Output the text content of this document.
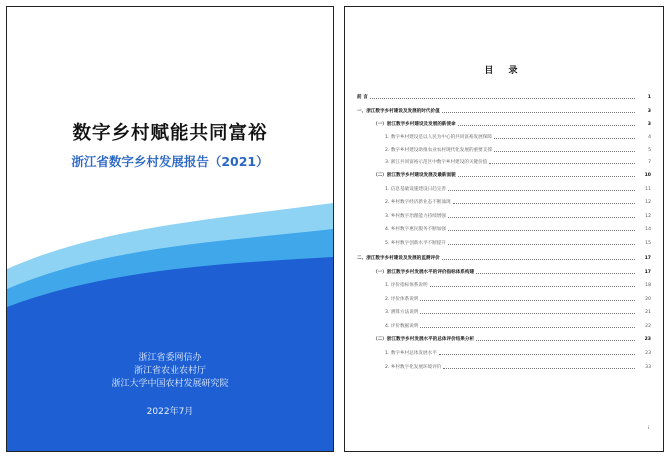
数字乡村赋能共同富裕
浙江省数字乡村发展报告（2021）
浙江省委网信办
浙江省农业农村厅
浙江大学中国农村发展研究院
2022年7月
目 录
前 言	1
一、浙江数字乡村建设及发展的时代价值	3
（一）浙江数字乡村建设及发展的新使命	3
1. 数字乡村建设是以人民为中心的共同富裕发展保障	4
2. 数字乡村建设助推农业农村现代化发展的重要支撑	5
3. 浙江共同富裕示范区中数字乡村建设的关键价值	7
（二）浙江数字乡村建设发展及最新面貌	10
1. 信息基础设施建设日趋完善	11
2. 乡村数字经济新业态不断涌现	12
3. 乡村数字治理能力持续增强	12
4. 乡村数字惠民服务不断加强	14
5. 乡村数字创新水平不断提升	15
二、浙江数字乡村建设及发展的监测评价	17
（一）浙江数字乡村发展水平的评价指标体系构建	17
1. 评价指标体系说明	18
2. 评价体系说明	20
3. 测算方法说明	21
4. 评价数据说明	22
（二）浙江数字乡村发展水平的总体评价结果分析	23
1. 数字乡村总体发展水平	23
2. 乡村数字化发展环境评价	33
i
